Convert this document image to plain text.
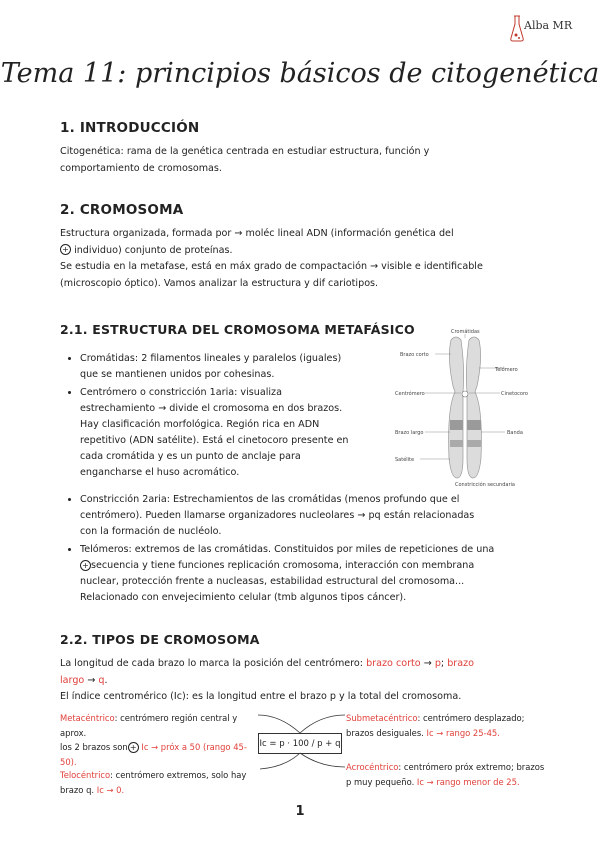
Alba MR
Tema 11: principios básicos de citogenética
1. INTRODUCCIÓN
Citogenética: rama de la genética centrada en estudiar estructura, función y
comportamiento de cromosomas.
2. CROMOSOMA
Estructura organizada, formada por → moléc lineal ADN (información genética del
+ individuo) conjunto de proteínas.
Se estudia en la metafase, está en máx grado de compactación → visible e identificable
(microscopio óptico). Vamos analizar la estructura y dif cariotipos.
2.1. ESTRUCTURA DEL CROMOSOMA METAFÁSICO
• Cromátidas: 2 filamentos lineales y paralelos (iguales)
que se mantienen unidos por cohesinas.
• Centrómero o constricción 1aria: visualiza
estrechamiento → divide el cromosoma en dos brazos.
Hay clasificación morfológica. Región rica en ADN
repetitivo (ADN satélite). Está el cinetocoro presente en
cada cromátida y es un punto de anclaje para
engancharse el huso acromático.
• Constricción 2aria: Estrechamientos de las cromátidas (menos profundo que el
centrómero). Pueden llamarse organizadores nucleolares → pq están relacionadas
con la formación de nucléolo.
• Telómeros: extremos de las cromátidas. Constituidos por miles de repeticiones de una
+ secuencia y tiene funciones replicación cromosoma, interacción con membrana
nuclear, protección frente a nucleasas, estabilidad estructural del cromosoma...
Relacionado con envejecimiento celular (tmb algunos tipos cáncer).
Cromátidas
Brazo corto
Telómero
Centrómero	Cinetocoro
Brazo largo	Banda
Satélite
Constricción secundaria
2.2. TIPOS DE CROMOSOMA
La longitud de cada brazo lo marca la posición del centrómero: brazo corto → p; brazo
largo → q.
El índice centromérico (Ic): es la longitud entre el brazo p y la total del cromosoma.
Ic = p · 100 / p + q
Metacéntrico: centrómero región central y aprox.
los 2 brazos son + Ic → próx a 50 (rango 45-
50).
Telocéntrico: centrómero extremos, solo hay
brazo q. Ic → 0.
Submetacéntrico: centrómero desplazado;
brazos desiguales. Ic → rango 25-45.
Acrocéntrico: centrómero próx extremo; brazos
p muy pequeño. Ic → rango menor de 25.
1
